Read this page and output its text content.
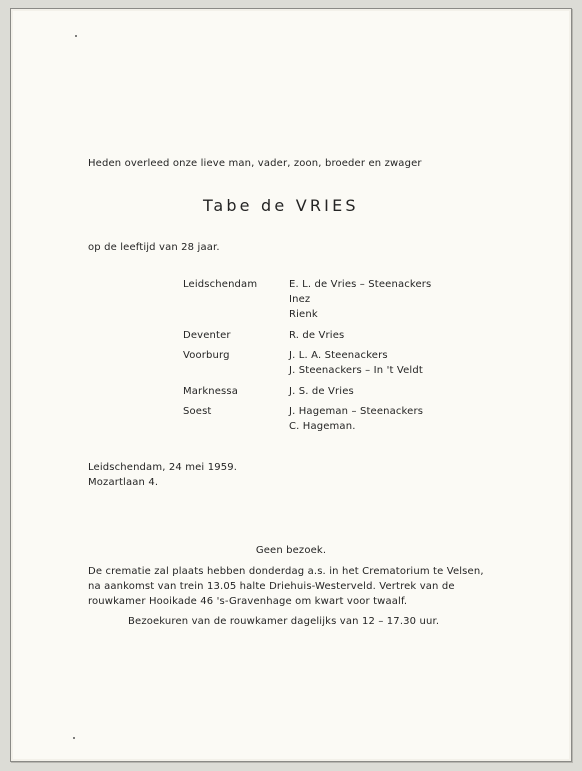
Heden overleed onze lieve man, vader, zoon, broeder en zwager
Tabe de VRIES
op de leeftijd van 28 jaar.
Leidschendam	E. L. de Vries – Steenackers
Inez
Rienk
Deventer	R. de Vries
Voorburg	J. L. A. Steenackers
J. Steenackers – In 't Veldt
Marknessa	J. S. de Vries
Soest	J. Hageman – Steenackers
C. Hageman.
Leidschendam, 24 mei 1959.
Mozartlaan 4.
Geen bezoek.
De crematie zal plaats hebben donderdag a.s. in het Crematorium te Velsen,
na aankomst van trein 13.05 halte Driehuis-Westerveld. Vertrek van de
rouwkamer Hooikade 46 's-Gravenhage om kwart voor twaalf.
Bezoekuren van de rouwkamer dagelijks van 12 – 17.30 uur.
